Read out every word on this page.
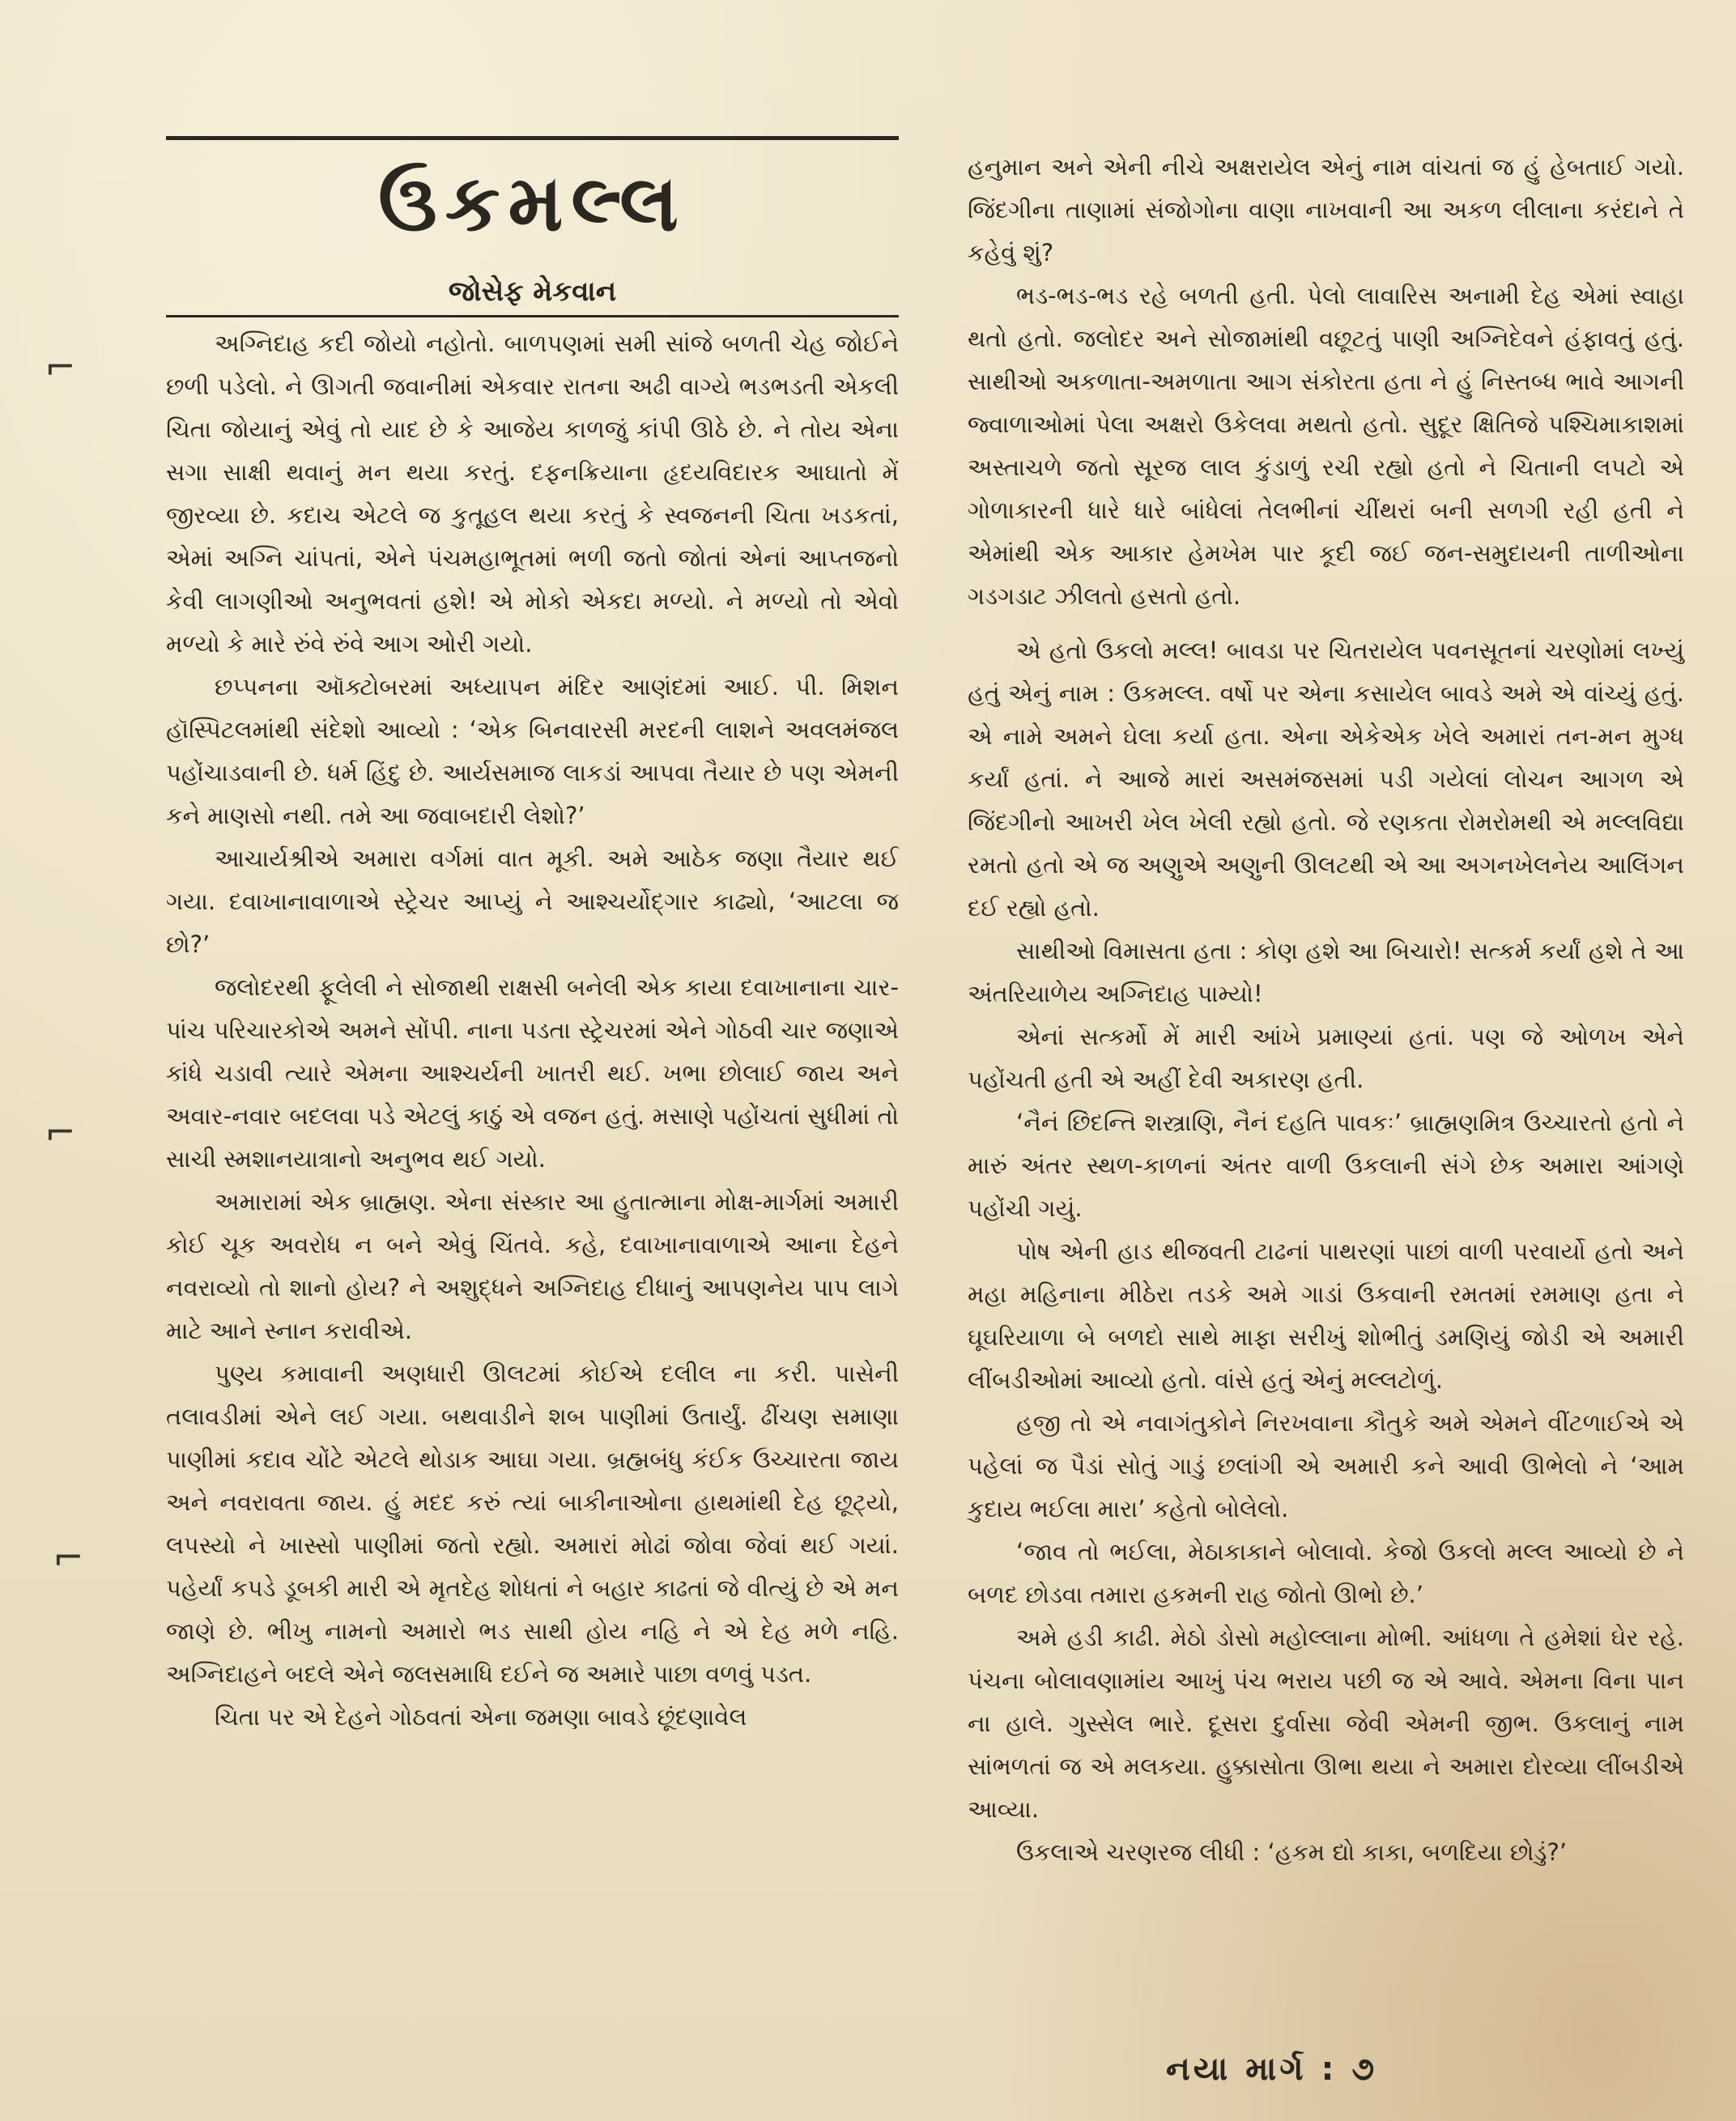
⌐
⌐
⌐
ઉકમલ્લ
જોસેફ મેકવાન

અગ્નિદાહ કદી જોયો નહોતો. બાળપણમાં સમી સાંજે બળતી ચેહ જોઈને છળી પડેલો. ને ઊગતી જવાનીમાં એકવાર રાતના અઢી વાગ્યે ભડભડતી એકલી ચિતા જોયાનું એવું તો યાદ છે કે આજેય કાળજું કાંપી ઊઠે છે. ને તોય એના સગા સાક્ષી થવાનું મન થયા કરતું. દફનક્રિયાના હૃદયવિદારક આઘાતો મેં જીરવ્યા છે. કદાચ એટલે જ કુતૂહલ થયા કરતું કે સ્વજનની ચિતા ખડકતાં, એમાં અગ્નિ ચાંપતાં, એને પંચમહાભૂતમાં ભળી જતો જોતાં એનાં આપ્તજનો કેવી લાગણીઓ અનુભવતાં હશે! એ મોકો એકદા મળ્યો. ને મળ્યો તો એવો મળ્યો કે મારે રુંવે રુંવે આગ ઓરી ગયો.

છપ્પનના ઑક્ટોબરમાં અધ્યાપન મંદિર આણંદમાં આઈ. પી. મિશન હૉસ્પિટલમાંથી સંદેશો આવ્યો : ‘એક બિનવારસી મરદની લાશને અવલમંજલ પહોંચાડવાની છે. ધર્મ હિંદુ છે. આર્યસમાજ લાકડાં આપવા તૈયાર છે પણ એમની કને માણસો નથી. તમે આ જવાબદારી લેશો?’

આચાર્યશ્રીએ અમારા વર્ગમાં વાત મૂકી. અમે આઠેક જણા તૈયાર થઈ ગયા. દવાખાનાવાળાએ સ્ટ્રેચર આપ્યું ને આશ્ચર્યોદ્ગાર કાઢ્યો, ‘આટલા જ છો?’

જલોદરથી ફૂલેલી ને સોજાથી રાક્ષસી બનેલી એક કાયા દવાખાનાના ચાર-પાંચ પરિચારકોએ અમને સોંપી. નાના પડતા સ્ટ્રેચરમાં એને ગોઠવી ચાર જણાએ કાંધે ચડાવી ત્યારે એમના આશ્ચર્યની ખાતરી થઈ. ખભા છોલાઈ જાય અને અવાર-નવાર બદલવા પડે એટલું કાઠું એ વજન હતું. મસાણે પહોંચતાં સુધીમાં તો સાચી સ્મશાનયાત્રાનો અનુભવ થઈ ગયો.

અમારામાં એક બ્રાહ્મણ. એના સંસ્કાર આ હુતાત્માના મોક્ષ-માર્ગમાં અમારી કોઈ ચૂક અવરોધ ન બને એવું ચિંતવે. કહે, દવાખાનાવાળાએ આના દેહને નવરાવ્યો તો શાનો હોય? ને અશુદ્ધને અગ્નિદાહ દીધાનું આપણનેય પાપ લાગે માટે આને સ્નાન કરાવીએ.

પુણ્ય કમાવાની અણધારી ઊલટમાં કોઈએ દલીલ ના કરી. પાસેની તલાવડીમાં એને લઈ ગયા. બથવાડીને શબ પાણીમાં ઉતાર્યું. ઢીંચણ સમાણા પાણીમાં કદાવ ચોંટે એટલે થોડાક આઘા ગયા. બ્રહ્મબંધુ કંઈક ઉચ્ચારતા જાય અને નવરાવતા જાય. હું મદદ કરું ત્યાં બાકીનાઓના હાથમાંથી દેહ છૂટ્યો, લપસ્યો ને ખાસ્સો પાણીમાં જતો રહ્યો. અમારાં મોઢાં જોવા જેવાં થઈ ગયાં. પહેર્યાં કપડે ડૂબકી મારી એ મૃતદેહ શોધતાં ને બહાર કાઢતાં જે વીત્યું છે એ મન જાણે છે. ભીખુ નામનો અમારો ભડ સાથી હોય નહિ ને એ દેહ મળે નહિ. અગ્નિદાહને બદલે એને જલસમાધિ દઈને જ અમારે પાછા વળવું પડત.

ચિતા પર એ દેહને ગોઠવતાં એના જમણા બાવડે છૂંદણાવેલ

હનુમાન અને એની નીચે અક્ષરાયેલ એનું નામ વાંચતાં જ હું હેબતાઈ ગયો. જિંદગીના તાણામાં સંજોગોના વાણા નાખવાની આ અકળ લીલાના કરંદાને તે કહેવું શું?

ભડ-ભડ-ભડ રહે બળતી હતી. પેલો લાવારિસ અનામી દેહ એમાં સ્વાહા થતો હતો. જલોદર અને સોજામાંથી વછૂટતું પાણી અગ્નિદેવને હંફાવતું હતું. સાથીઓ અકળાતા-અમળાતા આગ સંકોરતા હતા ને હું નિસ્તબ્ધ ભાવે આગની જ્વાળાઓમાં પેલા અક્ષરો ઉકેલવા મથતો હતો. સુદૂર ક્ષિતિજે પશ્ચિમાકાશમાં અસ્તાચળે જતો સૂરજ લાલ કુંડાળું રચી રહ્યો હતો ને ચિતાની લપટો એ ગોળાકારની ધારે ધારે બાંધેલાં તેલભીનાં ચીંથરાં બની સળગી રહી હતી ને એમાંથી એક આકાર હેમખેમ પાર કૂદી જઈ જન-સમુદાયની તાળીઓના ગડગડાટ ઝીલતો હસતો હતો.

એ હતો ઉકલો મલ્લ! બાવડા પર ચિતરાયેલ પવનસૂતનાં ચરણોમાં લખ્યું હતું એનું નામ : ઉકમલ્લ. વર્ષો પર એના કસાયેલ બાવડે અમે એ વાંચ્યું હતું. એ નામે અમને ઘેલા કર્યા હતા. એના એકેએક ખેલે અમારાં તન-મન મુગ્ધ કર્યાં હતાં. ને આજે મારાં અસમંજસમાં પડી ગયેલાં લોચન આગળ એ જિંદગીનો આખરી ખેલ ખેલી રહ્યો હતો. જે રણકતા રોમરોમથી એ મલ્લવિદ્યા રમતો હતો એ જ અણુએ અણુની ઊલટથી એ આ અગનખેલનેય આલિંગન દઈ રહ્યો હતો.

સાથીઓ વિમાસતા હતા : કોણ હશે આ બિચારો! સત્કર્મ કર્યાં હશે તે આ અંતરિયાળેય અગ્નિદાહ પામ્યો!

એનાં સત્કર્મો મેં મારી આંખે પ્રમાણ્યાં હતાં. પણ જે ઓળખ એને પહોંચતી હતી એ અહીં દેવી અકારણ હતી.

‘નૈનં છિંદન્તિ શસ્ત્રાણિ, નૈનં દહતિ પાવકઃ’ બ્રાહ્મણમિત્ર ઉચ્ચારતો હતો ને મારું અંતર સ્થળ-કાળનાં અંતર વાળી ઉકલાની સંગે છેક અમારા આંગણે પહોંચી ગયું.

પોષ એની હાડ થીજવતી ટાઢનાં પાથરણાં પાછાં વાળી પરવાર્યો હતો અને મહા મહિનાના મીઠેરા તડકે અમે ગાડાં ઉકવાની રમતમાં રમમાણ હતા ને ઘૂઘરિયાળા બે બળદો સાથે માફા સરીખું શોભીતું ડમણિયું જોડી એ અમારી લીંબડીઓમાં આવ્યો હતો. વાંસે હતું એનું મલ્લટોળું.

હજી તો એ નવાગંતુકોને નિરખવાના કૌતુકે અમે એમને વીંટળાઈએ એ પહેલાં જ પૈડાં સોતું ગાડું છલાંગી એ અમારી કને આવી ઊભેલો ને ‘આમ કુદાય ભઈલા મારા’ કહેતો બોલેલો.

‘જાવ તો ભઈલા, મેઠાકાકાને બોલાવો. કેજો ઉકલો મલ્લ આવ્યો છે ને બળદ છોડવા તમારા હકમની રાહ જોતો ઊભો છે.’

અમે હડી કાઢી. મેઠો ડોસો મહોલ્લાના મોભી. આંધળા તે હમેશાં ઘેર રહે. પંચના બોલાવણામાંય આખું પંચ ભરાય પછી જ એ આવે. એમના વિના પાન ના હાલે. ગુસ્સેલ ભારે. દૂસરા દુર્વાસા જેવી એમની જીભ. ઉકલાનું નામ સાંભળતાં જ એ મલકયા. હુક્કાસોતા ઊભા થયા ને અમારા દોરવ્યા લીંબડીએ આવ્યા.

ઉકલાએ ચરણરજ લીધી : ‘હકમ દ્યો કાકા, બળદિયા છોડું?’

નયા માર્ગ : ૭
